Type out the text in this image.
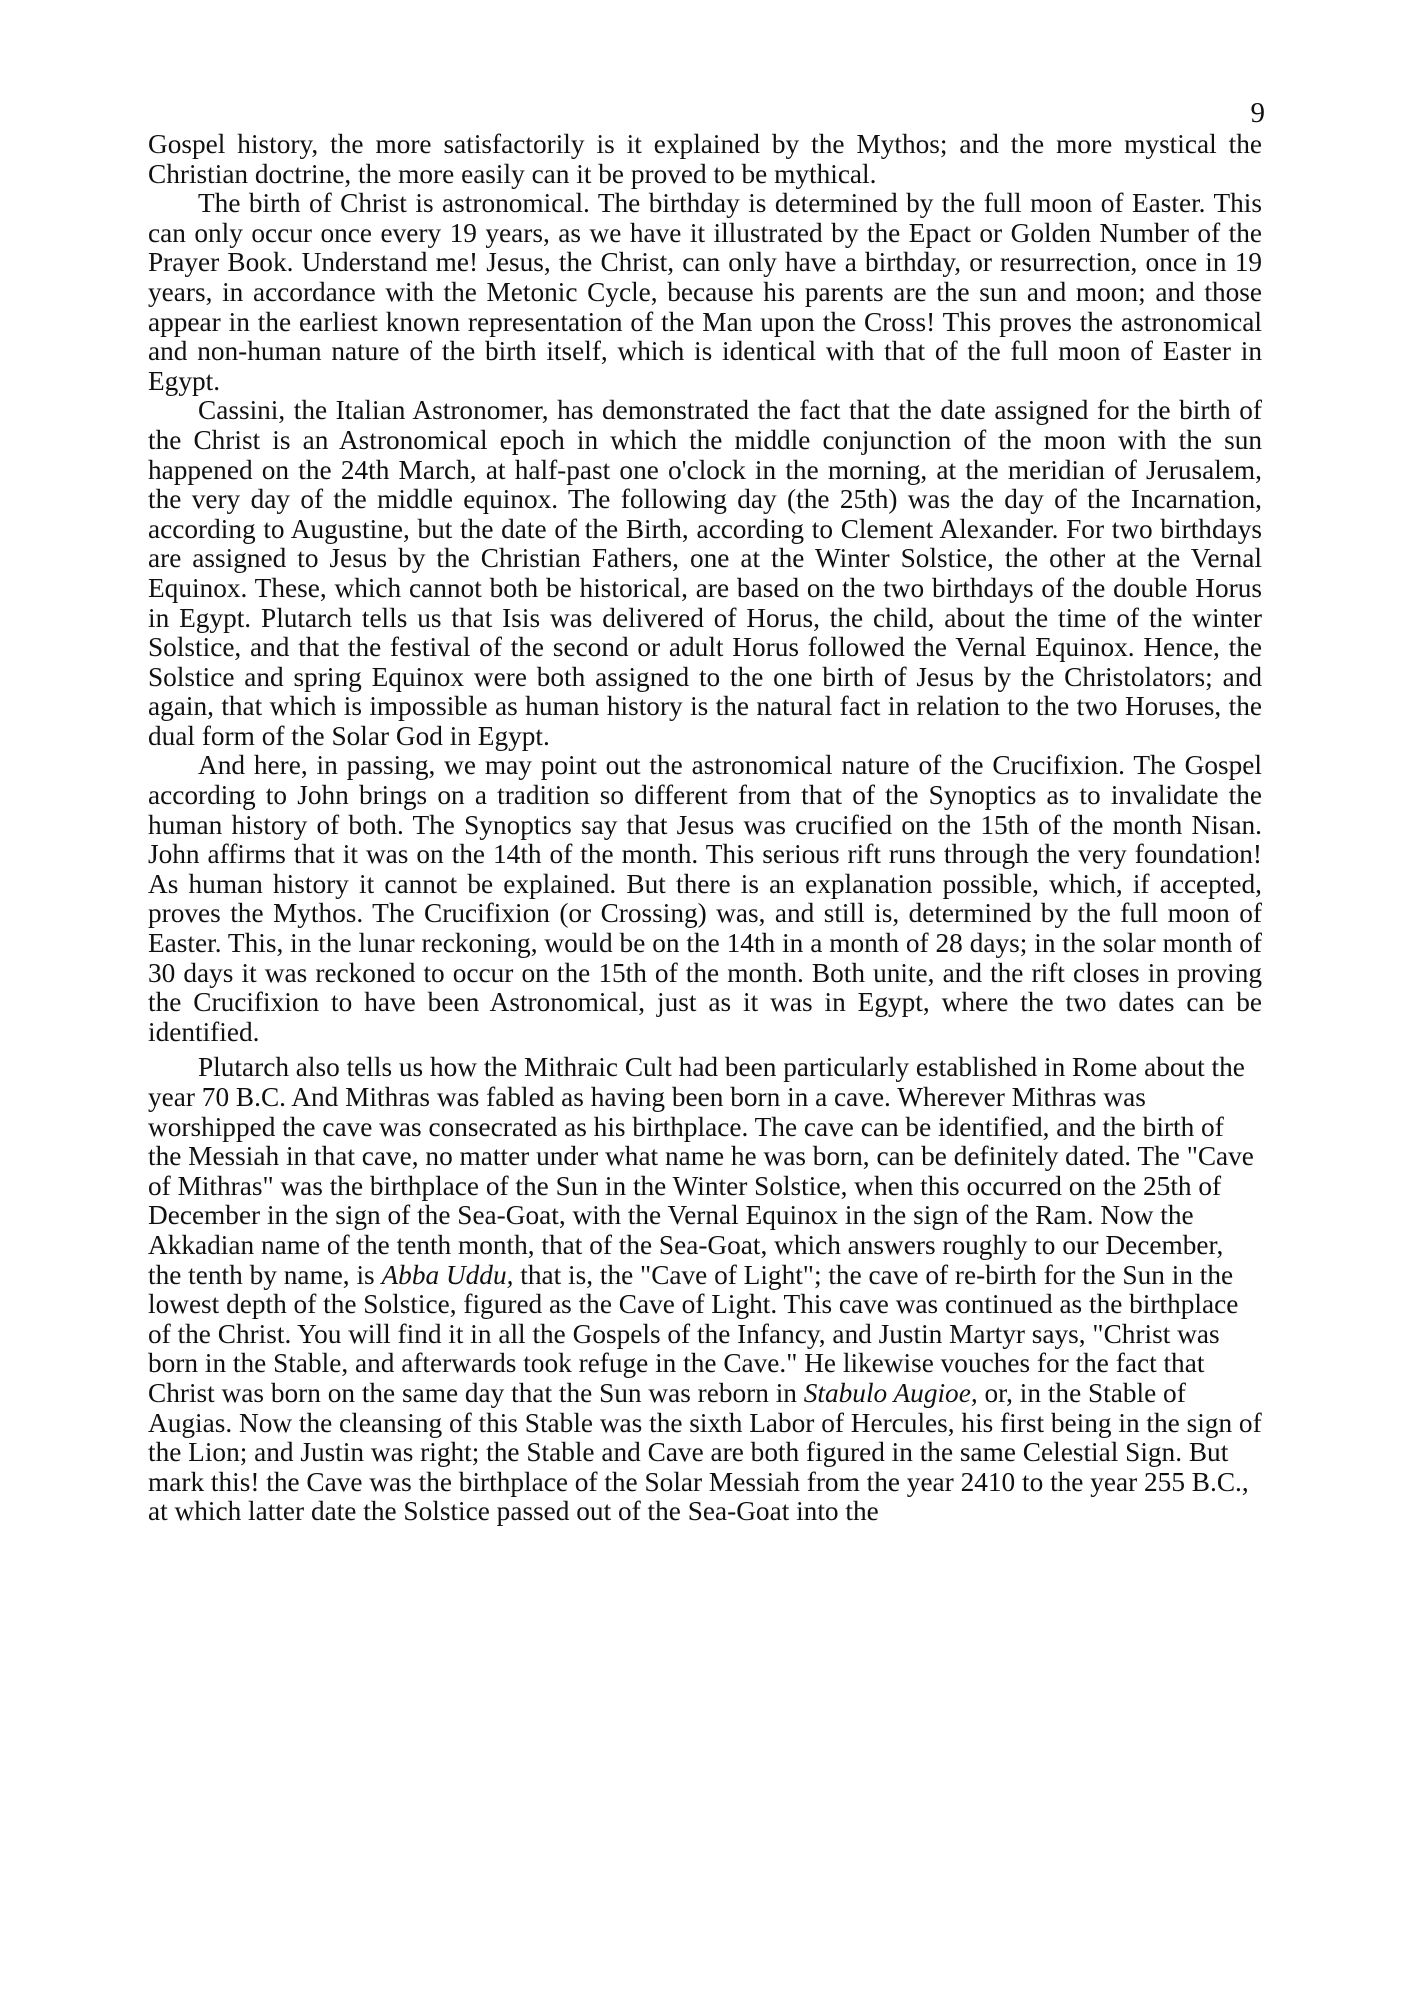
9

Gospel history, the more satisfactorily is it explained by the Mythos; and the more mystical the Christian doctrine, the more easily can it be proved to be mythical.

The birth of Christ is astronomical. The birthday is determined by the full moon of Easter. This can only occur once every 19 years, as we have it illustrated by the Epact or Golden Number of the Prayer Book. Understand me! Jesus, the Christ, can only have a birthday, or resurrection, once in 19 years, in accordance with the Metonic Cycle, because his parents are the sun and moon; and those appear in the earliest known representation of the Man upon the Cross! This proves the astronomical and non-human nature of the birth itself, which is identical with that of the full moon of Easter in Egypt.

Cassini, the Italian Astronomer, has demonstrated the fact that the date assigned for the birth of the Christ is an Astronomical epoch in which the middle conjunction of the moon with the sun happened on the 24th March, at half-past one o'clock in the morning, at the meridian of Jerusalem, the very day of the middle equinox. The following day (the 25th) was the day of the Incarnation, according to Augustine, but the date of the Birth, according to Clement Alexander. For two birthdays are assigned to Jesus by the Christian Fathers, one at the Winter Solstice, the other at the Vernal Equinox. These, which cannot both be historical, are based on the two birthdays of the double Horus in Egypt. Plutarch tells us that Isis was delivered of Horus, the child, about the time of the winter Solstice, and that the festival of the second or adult Horus followed the Vernal Equinox. Hence, the Solstice and spring Equinox were both assigned to the one birth of Jesus by the Christolators; and again, that which is impossible as human history is the natural fact in relation to the two Horuses, the dual form of the Solar God in Egypt.

And here, in passing, we may point out the astronomical nature of the Crucifixion. The Gospel according to John brings on a tradition so different from that of the Synoptics as to invalidate the human history of both. The Synoptics say that Jesus was crucified on the 15th of the month Nisan. John affirms that it was on the 14th of the month. This serious rift runs through the very foundation! As human history it cannot be explained. But there is an explanation possible, which, if accepted, proves the Mythos. The Crucifixion (or Crossing) was, and still is, determined by the full moon of Easter. This, in the lunar reckoning, would be on the 14th in a month of 28 days; in the solar month of 30 days it was reckoned to occur on the 15th of the month. Both unite, and the rift closes in proving the Crucifixion to have been Astronomical, just as it was in Egypt, where the two dates can be identified.

Plutarch also tells us how the Mithraic Cult had been particularly established in Rome about the year 70 B.C. And Mithras was fabled as having been born in a cave. Wherever Mithras was worshipped the cave was consecrated as his birthplace. The cave can be identified, and the birth of the Messiah in that cave, no matter under what name he was born, can be definitely dated. The "Cave of Mithras" was the birthplace of the Sun in the Winter Solstice, when this occurred on the 25th of December in the sign of the Sea-Goat, with the Vernal Equinox in the sign of the Ram. Now the Akkadian name of the tenth month, that of the Sea-Goat, which answers roughly to our December, the tenth by name, is Abba Uddu, that is, the "Cave of Light"; the cave of re-birth for the Sun in the lowest depth of the Solstice, figured as the Cave of Light. This cave was continued as the birthplace of the Christ. You will find it in all the Gospels of the Infancy, and Justin Martyr says, "Christ was born in the Stable, and afterwards took refuge in the Cave." He likewise vouches for the fact that Christ was born on the same day that the Sun was reborn in Stabulo Augioe, or, in the Stable of Augias. Now the cleansing of this Stable was the sixth Labor of Hercules, his first being in the sign of the Lion; and Justin was right; the Stable and Cave are both figured in the same Celestial Sign. But mark this! the Cave was the birthplace of the Solar Messiah from the year 2410 to the year 255 B.C., at which latter date the Solstice passed out of the Sea-Goat into the
